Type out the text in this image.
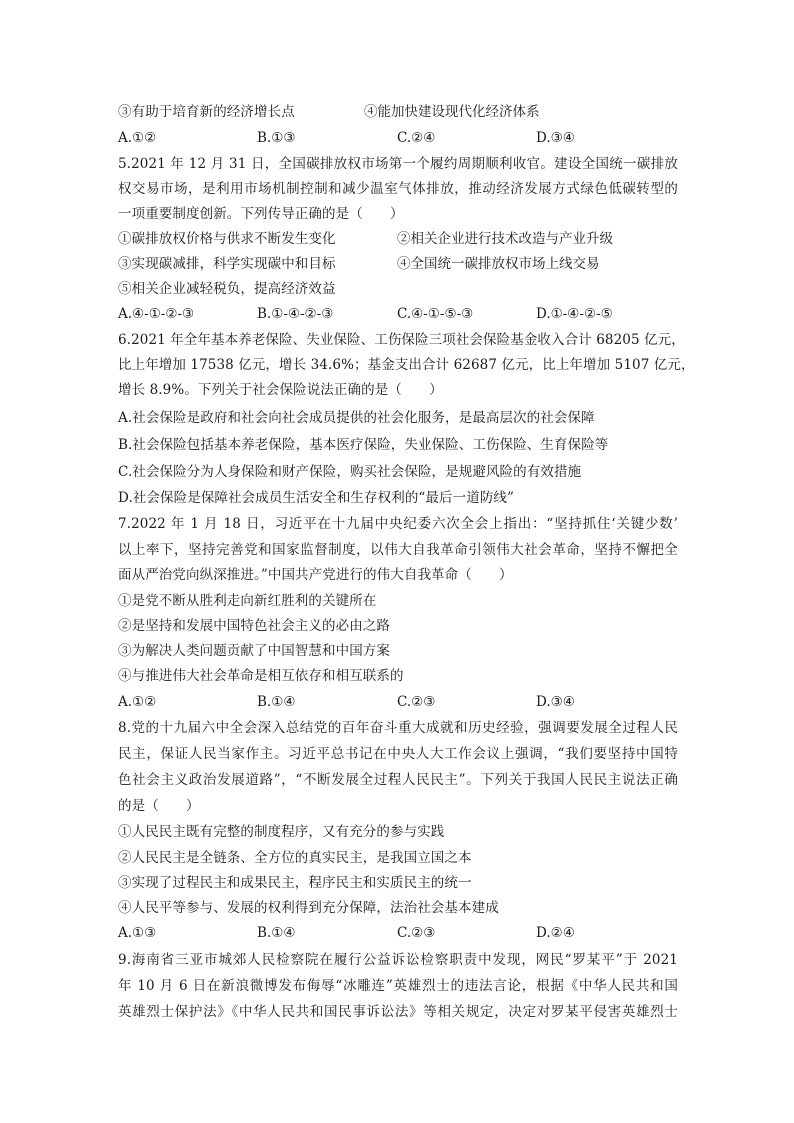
③有助于培育新的经济增长点	④能加快建设现代化经济体系
A.①②	B.①③	C.②④	D.③④
5.2021 年 12 月 31 日，全国碳排放权市场第一个履约周期顺利收官。建设全国统一碳排放
权交易市场，是利用市场机制控制和减少温室气体排放，推动经济发展方式绿色低碳转型的
一项重要制度创新。下列传导正确的是（　　）
①碳排放权价格与供求不断发生变化	②相关企业进行技术改造与产业升级
③实现碳减排，科学实现碳中和目标	④全国统一碳排放权市场上线交易
⑤相关企业减轻税负，提高经济效益
A.④-①-②-③	B.①-④-②-③	C.④-①-⑤-③	D.①-④-②-⑤
6.2021 年全年基本养老保险、失业保险、工伤保险三项社会保险基金收入合计 68205 亿元，
比上年增加 17538 亿元，增长 34.6%；基金支出合计 62687 亿元，比上年增加 5107 亿元，
增长 8.9%。下列关于社会保险说法正确的是（　　）
A.社会保险是政府和社会向社会成员提供的社会化服务，是最高层次的社会保障
B.社会保险包括基本养老保险，基本医疗保险，失业保险、工伤保险、生育保险等
C.社会保险分为人身保险和财产保险，购买社会保险，是规避风险的有效措施
D.社会保险是保障社会成员生活安全和生存权利的“最后一道防线”
7.2022 年 1 月 18 日，习近平在十九届中央纪委六次全会上指出：“坚持抓住‘关键少数’
以上率下，坚持完善党和国家监督制度，以伟大自我革命引领伟大社会革命，坚持不懈把全
面从严治党向纵深推进。”中国共产党进行的伟大自我革命（　　）
①是党不断从胜利走向新红胜利的关键所在
②是坚持和发展中国特色社会主义的必由之路
③为解决人类问题贡献了中国智慧和中国方案
④与推进伟大社会革命是相互依存和相互联系的
A.①②	B.①④	C.②③	D.③④
8.党的十九届六中全会深入总结党的百年奋斗重大成就和历史经验，强调要发展全过程人民
民主，保证人民当家作主。习近平总书记在中央人大工作会议上强调，“我们要坚持中国特
色社会主义政治发展道路”，“不断发展全过程人民民主”。下列关于我国人民民主说法正确
的是（　　）
①人民民主既有完整的制度程序，又有充分的参与实践
②人民民主是全链条、全方位的真实民主，是我国立国之本
③实现了过程民主和成果民主，程序民主和实质民主的统一
④人民平等参与、发展的权利得到充分保障，法治社会基本建成
A.①③	B.①④	C.②③	D.②④
9.海南省三亚市城郊人民检察院在履行公益诉讼检察职责中发现，网民“罗某平”于 2021
年 10 月 6 日在新浪微博发布侮辱“冰雕连”英雄烈士的违法言论，根据《中华人民共和国
英雄烈士保护法》《中华人民共和国民事诉讼法》等相关规定，决定对罗某平侵害英雄烈士
